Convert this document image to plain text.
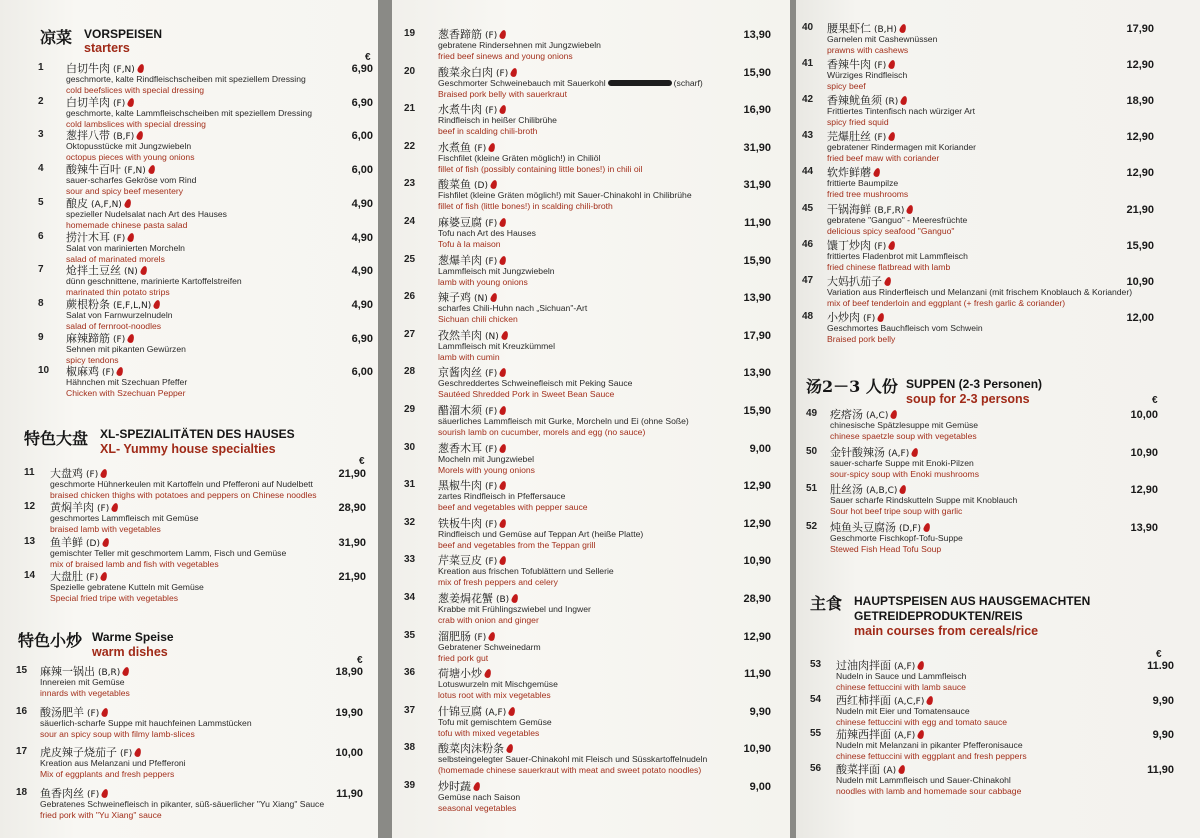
凉菜 VORSPEISEN
starters
€
1 白切牛肉 (F,N)
geschmorte, kalte Rindfleischscheiben mit speziellem Dressing
cold beefslices with special dressing
6,90
2 白切羊肉 (F)
geschmorte, kalte Lammfleischscheiben mit speziellem Dressing
cold lambslices with special dressing
6,90
3 葱拌八带 (B,F)
Oktopusstücke mit Jungzwiebeln
octopus pieces with young onions
6,00
4 酸辣牛百叶 (F,N)
sauer-scharfes Gekröse vom Rind
sour and spicy beef mesentery
6,00
5 酿皮 (A,F,N)
spezieller Nudelsalat nach Art des Hauses
homemade chinese pasta salad
4,90
6 捞汁木耳 (F)
Salat von marinierten Morcheln
salad of marinated morels
4,90
7 炝拌土豆丝 (N)
dünn geschnittene, marinierte Kartoffelstreifen
marinated thin potato strips
4,90
8 蕨根粉条 (E,F,L,N)
Salat von Farnwurzelnudeln
salad of fernroot-noodles
4,90
9 麻辣蹄筋 (F)
Sehnen mit pikanten Gewürzen
spicy tendons
6,90
10 椒麻鸡 (F)
Hähnchen mit Szechuan Pfeffer
Chicken with Szechuan Pepper
6,00
特色大盘 XL-SPEZIALITÄTEN DES HAUSES
XL- Yummy house specialties
€
11 大盘鸡 (F)
geschmorte Hühnerkeulen mit Kartoffeln und Pfefferoni auf Nudelbett
braised chicken thighs with potatoes and peppers on Chinese noodles
21,90
12 黄焖羊肉 (F)
geschmortes Lammfleisch mit Gemüse
braised lamb with vegetables
28,90
13 鱼羊鲜 (D)
gemischter Teller mit geschmortem Lamm, Fisch und Gemüse
mix of braised lamb and fish with vegetables
31,90
14 大盘肚 (F)
Spezielle gebratene Kutteln mit Gemüse
Special fried tripe with vegetables
21,90
特色小炒 Warme Speise
warm dishes
€
15 麻辣一锅出 (B,R)
Innereien mit Gemüse
innards with vegetables
18,90
16 酸汤肥羊 (F)
säuerlich-scharfe Suppe mit hauchfeinen Lammstücken
sour an spicy soup with filmy lamb-slices
19,90
17 虎皮辣子烧茄子 (F)
Kreation aus Melanzani und Pfefferoni
Mix of eggplants and fresh peppers
10,00
18 鱼香肉丝 (F)
Gebratenes Schweinefleisch in pikanter, süß-säuerlicher "Yu Xiang" Sauce
fried pork with "Yu Xiang" sauce
11,90
19 葱香蹄筋 (F)
gebratene Rindersehnen mit Jungzwiebeln
fried beef sinews and young onions
13,90
20 酸菜汆白肉 (F)
Geschmorter Schweinebauch mit Sauerkohl	(scharf)
Braised pork belly with sauerkraut
15,90
21 水煮牛肉 (F)
Rindfleisch in heißer Chilibrühe
beef in scalding chili-broth
16,90
22 水煮鱼 (F)
Fischfilet (kleine Gräten möglich!) in Chiliöl
fillet of fish (possibly containing little bones!) in chili oil
31,90
23 酸菜鱼 (D)
Fishfilet (kleine Gräten möglich!) mit Sauer-Chinakohl in Chilibrühe
fillet of fish (little bones!) in scalding chili-broth
31,90
24 麻婆豆腐 (F)
Tofu nach Art des Hauses
Tofu à la maison
11,90
25 葱爆羊肉 (F)
Lammfleisch mit Jungzwiebeln
lamb with young onions
15,90
26 辣子鸡 (N)
scharfes Chili-Huhn nach „Sichuan"-Art
Sichuan chili chicken
13,90
27 孜然羊肉 (N)
Lammfleisch mit Kreuzkümmel
lamb with cumin
17,90
28 京酱肉丝 (F)
Geschreddertes Schweinefleisch mit Peking Sauce
Sautéed Shredded Pork in Sweet Bean Sauce
13,90
29 醋溜木须 (F)
säuerliches Lammfleisch mit Gurke, Morcheln und Ei (ohne Soße)
sourish lamb on cucumber, morels and egg (no sauce)
15,90
30 葱香木耳 (F)
Mocheln mit Jungzwiebel
Morels with young onions
9,00
31 黑椒牛肉 (F)
zartes Rindfleisch in Pfeffersauce
beef and vegetables with pepper sauce
12,90
32 铁板牛肉 (F)
Rindfleisch und Gemüse auf Teppan Art (heiße Platte)
beef and vegetables from the Teppan grill
12,90
33 芹菜豆皮 (F)
Kreation aus frischen Tofublättern und Sellerie
mix of fresh peppers and celery
10,90
34 葱姜焗花蟹 (B)
Krabbe mit Frühlingszwiebel und Ingwer
crab with onion and ginger
28,90
35 溜肥肠 (F)
Gebratener Schweinedarm
fried pork gut
12,90
36 荷塘小炒
Lotuswurzeln mit Mischgemüse
lotus root with mix vegetables
11,90
37 什锦豆腐 (A,F)
Tofu mit gemischtem Gemüse
tofu with mixed vegetables
9,90
38 酸菜肉沫粉条
selbsteingelegter Sauer-Chinakohl mit Fleisch und Süsskartoffelnudeln
(homemade chinese sauerkraut with meat and sweet potato noodles)
10,90
39 炒时蔬
Gemüse nach Saison
seasonal vegetables
9,00
40 腰果虾仁 (B,H)
Garnelen mit Cashewnüssen
prawns with cashews
17,90
41 香辣牛肉 (F)
Würziges Rindfleisch
spicy beef
12,90
42 香辣鱿鱼须 (R)
Frittiertes Tintenfisch nach würziger Art
spicy fried squid
18,90
43 芫爆肚丝 (F)
gebratener Rindermagen mit Koriander
fried beef maw with coriander
12,90
44 软炸鲜蘑
frittierte Baumpilze
fried tree mushrooms
12,90
45 干锅海鲜 (B,F,R)
gebratene "Ganguo" - Meeresfrüchte
delicious spicy seafood "Ganguo"
21,90
46 馕丁炒肉 (F)
frittiertes Fladenbrot mit Lammfleisch
fried chinese flatbread with lamb
15,90
47 大妈扒茄子
Variation aus Rinderfleisch und Melanzani (mit frischem Knoblauch & Koriander)
mix of beef tenderloin and eggplant (+ fresh garlic & coriander)
10,90
48 小炒肉 (F)
Geschmortes Bauchfleisch vom Schwein
Braised pork belly
12,00
汤2－3 人份 SUPPEN (2-3 Personen)
soup for 2-3 persons	€
49 疙瘩汤 (A,C)
chinesische Spätzlesuppe mit Gemüse
chinese spaetzle soup with vegetables
10,00
50 金针酸辣汤 (A,F)
sauer-scharfe Suppe mit Enoki-Pilzen
sour-spicy soup with Enoki mushrooms
10,90
51 肚丝汤 (A,B,C)
Sauer scharfe Rindskutteln Suppe mit Knoblauch
Sour hot beef tripe soup with garlic
12,90
52 炖鱼头豆腐汤 (D,F)
Geschmorte Fischkopf-Tofu-Suppe
Stewed Fish Head Tofu Soup
13,90
主食 HAUPTSPEISEN AUS HAUSGEMACHTEN
GETREIDEPRODUKTEN/REIS
main courses from cereals/rice
€
53 过油肉拌面 (A,F)
Nudeln in Sauce und Lammfleisch
chinese fettuccini with lamb sauce
11.90
54 西红柿拌面 (A,C,F)
Nudeln mit Eier und Tomatensauce
chinese fettuccini with egg and tomato sauce
9,90
55 茄辣西拌面 (A,F)
Nudeln mit Melanzani in pikanter Pfefferonisauce
chinese fettuccini with eggplant and fresh peppers
9,90
56 酸菜拌面 (A)
Nudeln mit Lammfleisch und Sauer-Chinakohl
noodles with lamb and homemade sour cabbage
11,90
